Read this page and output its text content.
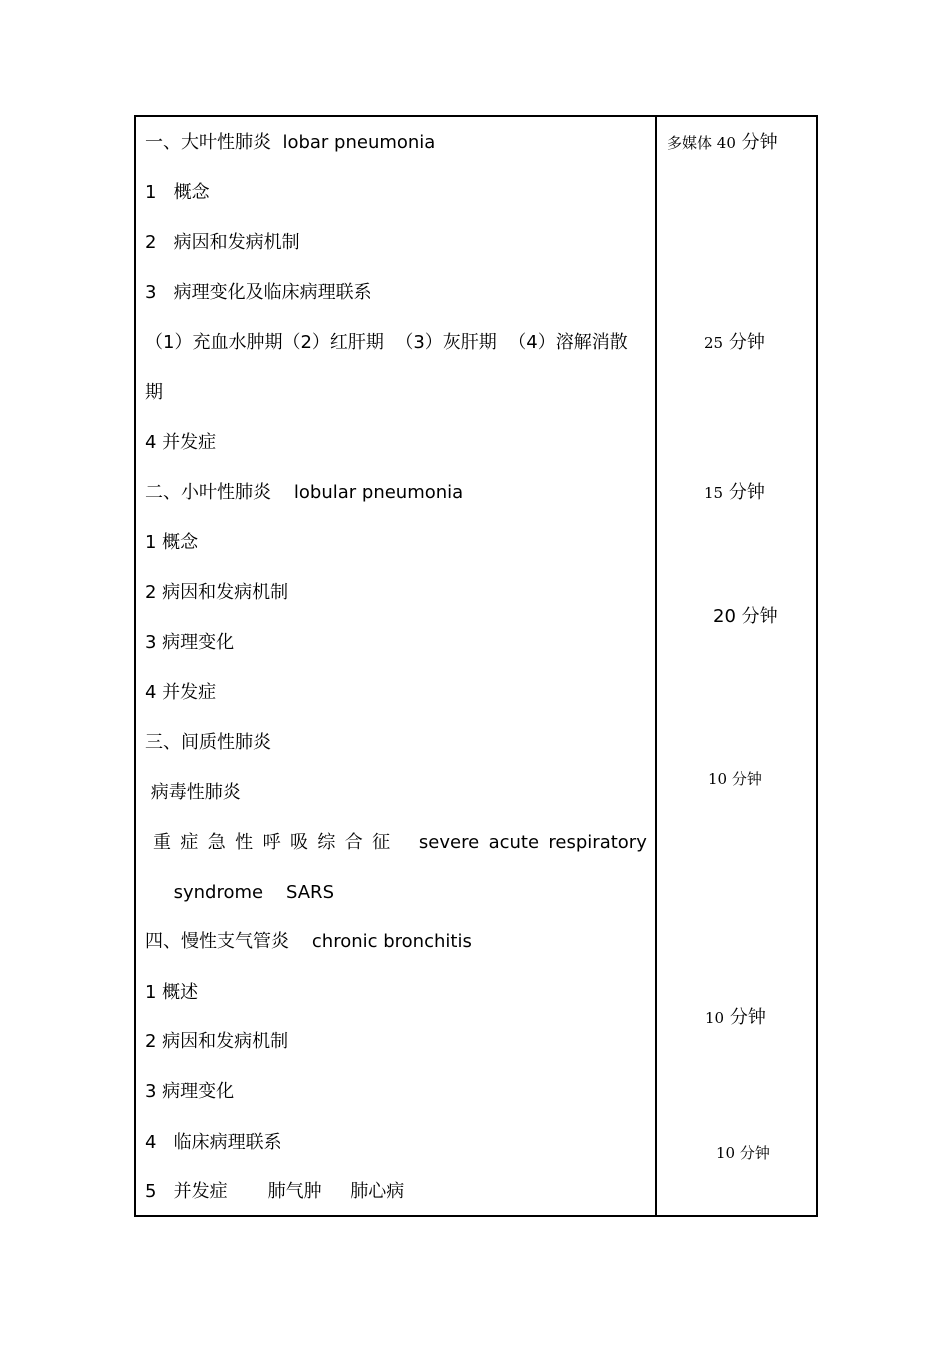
一、大叶性肺炎  lobar pneumonia
1   概念
2   病因和发病机制
3   病理变化及临床病理联系
（1）充血水肿期（2）红肝期  （3）灰肝期  （4）溶解消散
期
4 并发症
二、小叶性肺炎    lobular pneumonia
1 概念
2 病因和发病机制
3 病理变化
4 并发症
三、间质性肺炎
病毒性肺炎
重 症 急 性 呼 吸 综 合 征 severe acute respiratory
syndrome    SARS
四、慢性支气管炎    chronic bronchitis
1 概述
2 病因和发病机制
3 病理变化
4   临床病理联系
5   并发症       肺气肿     肺心病
多媒体 40 分钟
25 分钟
15 分钟
20 分钟
10 分钟
10 分钟
10 分钟
